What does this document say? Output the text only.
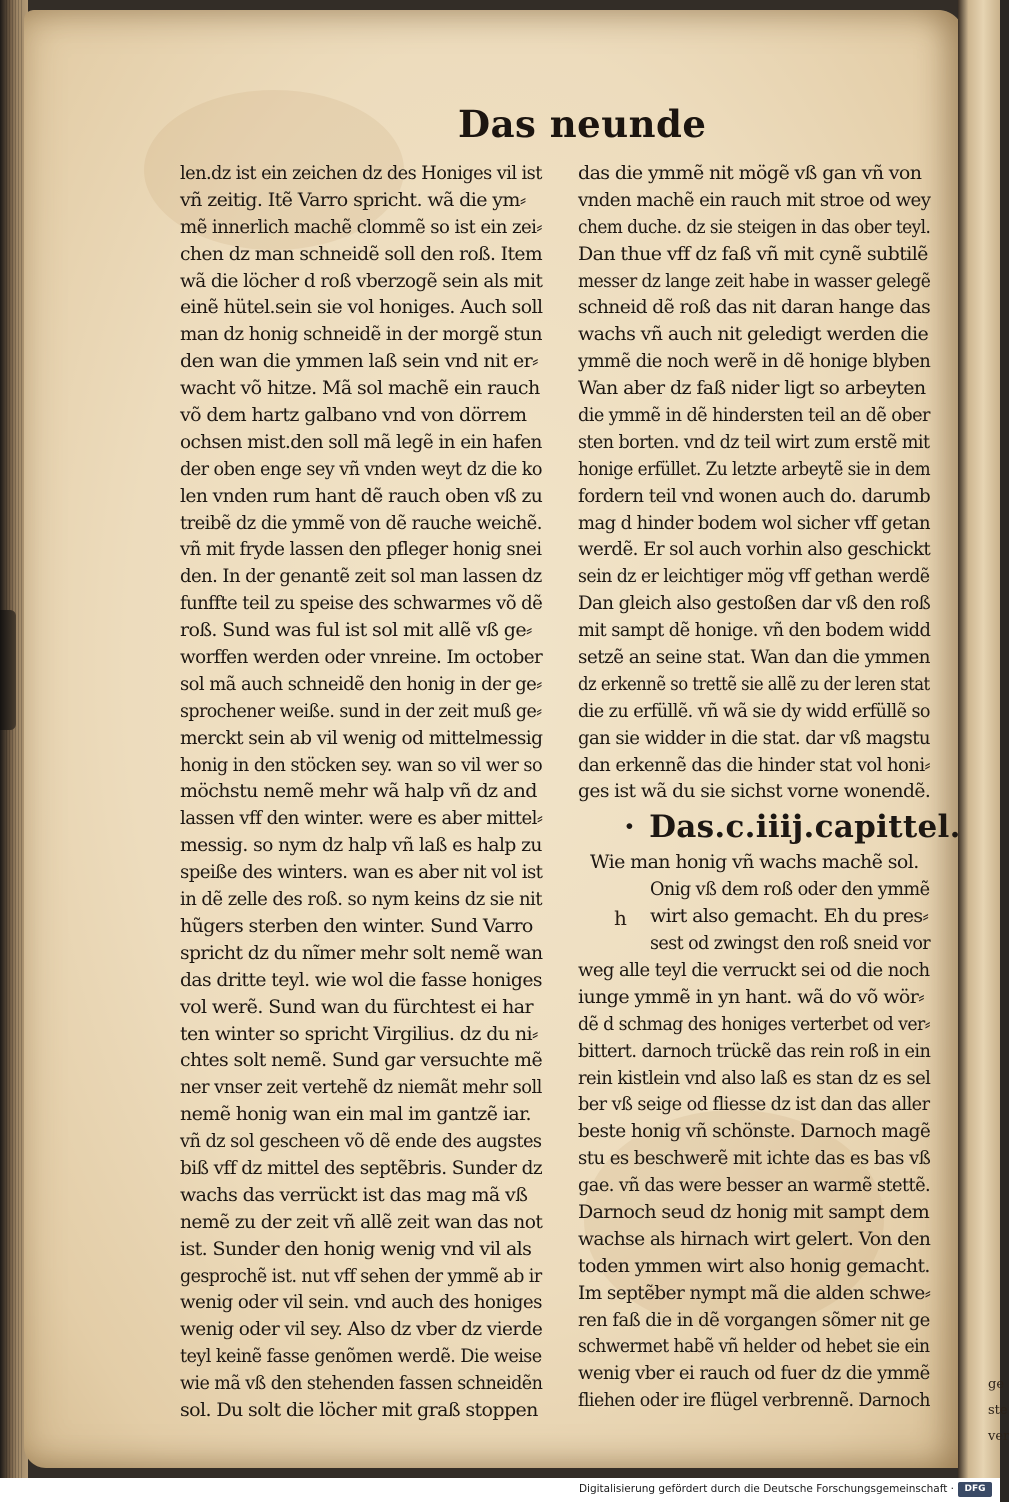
ge
ste
ver
Das neunde
len.dz ist ein zeichen dz des Honiges vil ist
vñ zeitig. Itẽ Varro spricht. wã die ym⸗
mẽ innerlich machẽ clommẽ so ist ein zei⸗
chen dz man schneidẽ soll den roß. Item
wã die löcher d roß vberzogẽ sein als mit
einẽ hütel.sein sie vol honiges. Auch soll
man dz honig schneidẽ in der morgẽ stun
den wan die ymmen laß sein vnd nit er⸗
wacht võ hitze. Mã sol machẽ ein rauch
võ dem hartz galbano vnd von dörrem
ochsen mist.den soll mã legẽ in ein hafen
der oben enge sey vñ vnden weyt dz die ko
len vnden rum hant dẽ rauch oben vß zu
treibẽ dz die ymmẽ von dẽ rauche weichẽ.
vñ mit fryde lassen den pfleger honig snei
den. In der genantẽ zeit sol man lassen dz
funffte teil zu speise des schwarmes võ dẽ
roß. Sund was ful ist sol mit allẽ vß ge⸗
worffen werden oder vnreine. Im october
sol mã auch schneidẽ den honig in der ge⸗
sprochener weiße. sund in der zeit muß ge⸗
merckt sein ab vil wenig od mittelmessig
honig in den stöcken sey. wan so vil wer so
möchstu nemẽ mehr wã halp vñ dz and
lassen vff den winter. were es aber mittel⸗
messig. so nym dz halp vñ laß es halp zu
speiße des winters. wan es aber nit vol ist
in dẽ zelle des roß. so nym keins dz sie nit
hũgers sterben den winter. Sund Varro
spricht dz du nĩmer mehr solt nemẽ wan
das dritte teyl. wie wol die fasse honiges
vol werẽ. Sund wan du fürchtest ei har
ten winter so spricht Virgilius. dz du ni⸗
chtes solt nemẽ. Sund gar versuchte mẽ
ner vnser zeit vertehẽ dz niemãt mehr soll
nemẽ honig wan ein mal im gantzẽ iar.
vñ dz sol gescheen võ dẽ ende des augstes
biß vff dz mittel des septẽbris. Sunder dz
wachs das verrückt ist das mag mã vß
nemẽ zu der zeit vñ allẽ zeit wan das not
ist. Sunder den honig wenig vnd vil als
gesprochẽ ist. nut vff sehen der ymmẽ ab ir
wenig oder vil sein. vnd auch des honiges
wenig oder vil sey. Also dz vber dz vierde
teyl keinẽ fasse genõmen werdẽ. Die weise
wie mã vß den stehenden fassen schneidẽn
sol. Du solt die löcher mit graß stoppen
das die ymmẽ nit mögẽ vß gan vñ von
vnden machẽ ein rauch mit stroe od wey
chem duche. dz sie steigen in das ober teyl.
Dan thue vff dz faß vñ mit cynẽ subtilẽ
messer dz lange zeit habe in wasser gelegẽ
schneid dẽ roß das nit daran hange das
wachs vñ auch nit geledigt werden die
ymmẽ die noch werẽ in dẽ honige blyben
Wan aber dz faß nider ligt so arbeyten
die ymmẽ in dẽ hindersten teil an dẽ ober
sten borten. vnd dz teil wirt zum erstẽ mit
honige erfüllet. Zu letzte arbeytẽ sie in dem
fordern teil vnd wonen auch do. darumb
mag d hinder bodem wol sicher vff getan
werdẽ. Er sol auch vorhin also geschickt
sein dz er leichtiger mög vff gethan werdẽ
Dan gleich also gestoßen dar vß den roß
mit sampt dẽ honige. vñ den bodem widd
setzẽ an seine stat. Wan dan die ymmen
dz erkennẽ so trettẽ sie allẽ zu der leren stat
die zu erfüllẽ. vñ wã sie dy widd erfüllẽ so
gan sie widder in die stat. dar vß magstu
dan erkennẽ das die hinder stat vol honi⸗
ges ist wã du sie sichst vorne wonendẽ.
· Das.c.iiij.capittel.
Wie man honig vñ wachs machẽ sol.
h
Onig vß dem roß oder den ymmẽ
wirt also gemacht. Eh du pres⸗
sest od zwingst den roß sneid vor
weg alle teyl die verruckt sei od die noch
iunge ymmẽ in yn hant. wã do võ wör⸗
dẽ d schmag des honiges verterbet od ver⸗
bittert. darnoch trückẽ das rein roß in ein
rein kistlein vnd also laß es stan dz es sel
ber vß seige od fliesse dz ist dan das aller
beste honig vñ schönste. Darnoch magẽ
stu es beschwerẽ mit ichte das es bas vß
gae. vñ das were besser an warmẽ stettẽ.
Darnoch seud dz honig mit sampt dem
wachse als hirnach wirt gelert. Von den
toden ymmen wirt also honig gemacht.
Im septẽber nympt mã die alden schwe⸗
ren faß die in dẽ vorgangen sõmer nit ge
schwermet habẽ vñ helder od hebet sie ein
wenig vber ei rauch od fuer dz die ymmẽ
fliehen oder ire flügel verbrennẽ. Darnoch
Digitalisierung gefördert durch die Deutsche Forschungsgemeinschaft ·	DFG
